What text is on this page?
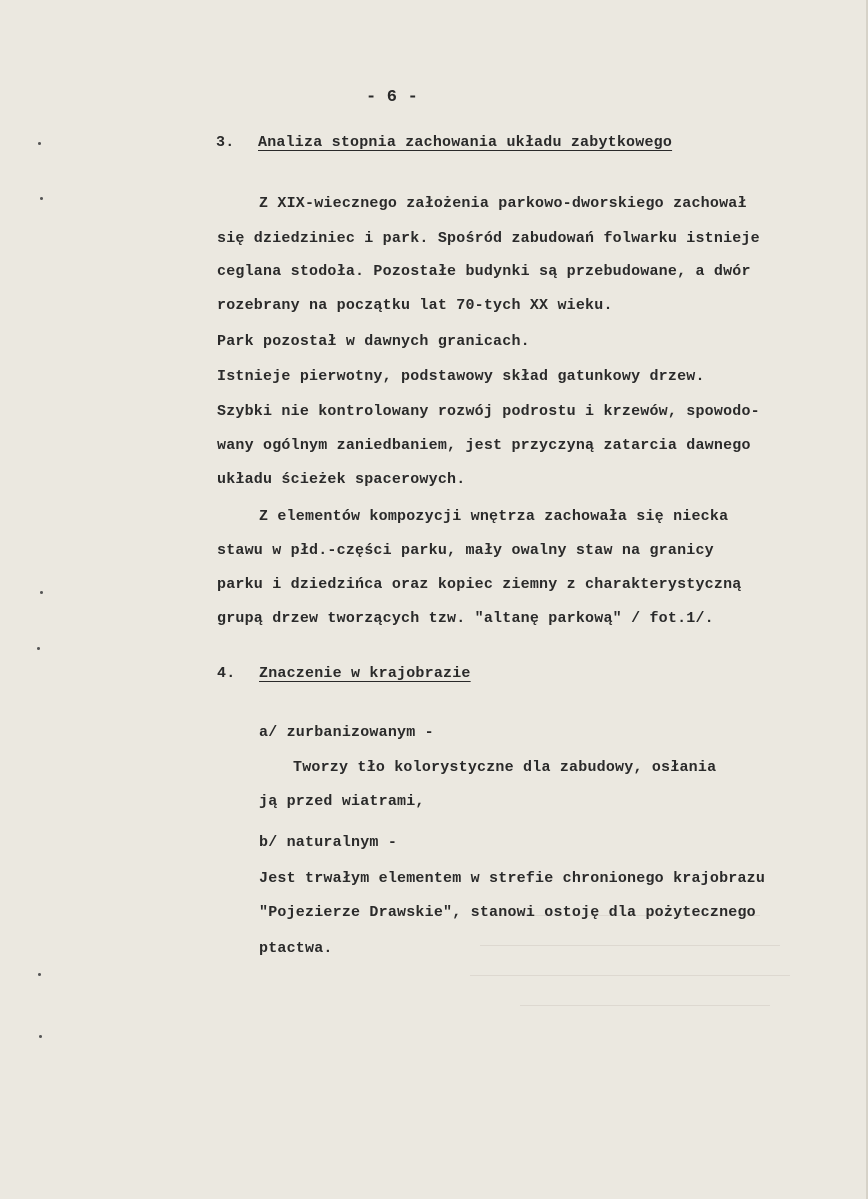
- 6 -
3. Analiza stopnia zachowania układu zabytkowego
Z XIX-wiecznego założenia parkowo-dworskiego zachował
się dziedziniec i park. Spośród zabudowań folwarku istnieje
ceglana stodoła. Pozostałe budynki są przebudowane, a dwór
rozebrany na początku lat 70-tych XX wieku.
Park pozostał w dawnych granicach.
Istnieje pierwotny, podstawowy skład gatunkowy drzew.
Szybki nie kontrolowany rozwój podrostu i krzewów, spowodo-
wany ogólnym zaniedbaniem, jest przyczyną zatarcia dawnego
układu ścieżek spacerowych.
Z elementów kompozycji wnętrza zachowała się niecka
stawu w płd.-części parku, mały owalny staw na granicy
parku i dziedzińca oraz kopiec ziemny z charakterystyczną
grupą drzew tworzących tzw. "altanę parkową" / fot.1/.
4. Znaczenie w krajobrazie
a/ zurbanizowanym -
Tworzy tło kolorystyczne dla zabudowy, osłania
ją przed wiatrami,
b/ naturalnym -
Jest trwałym elementem w strefie chronionego krajobrazu
"Pojezierze Drawskie", stanowi ostoję dla pożytecznego
ptactwa.
